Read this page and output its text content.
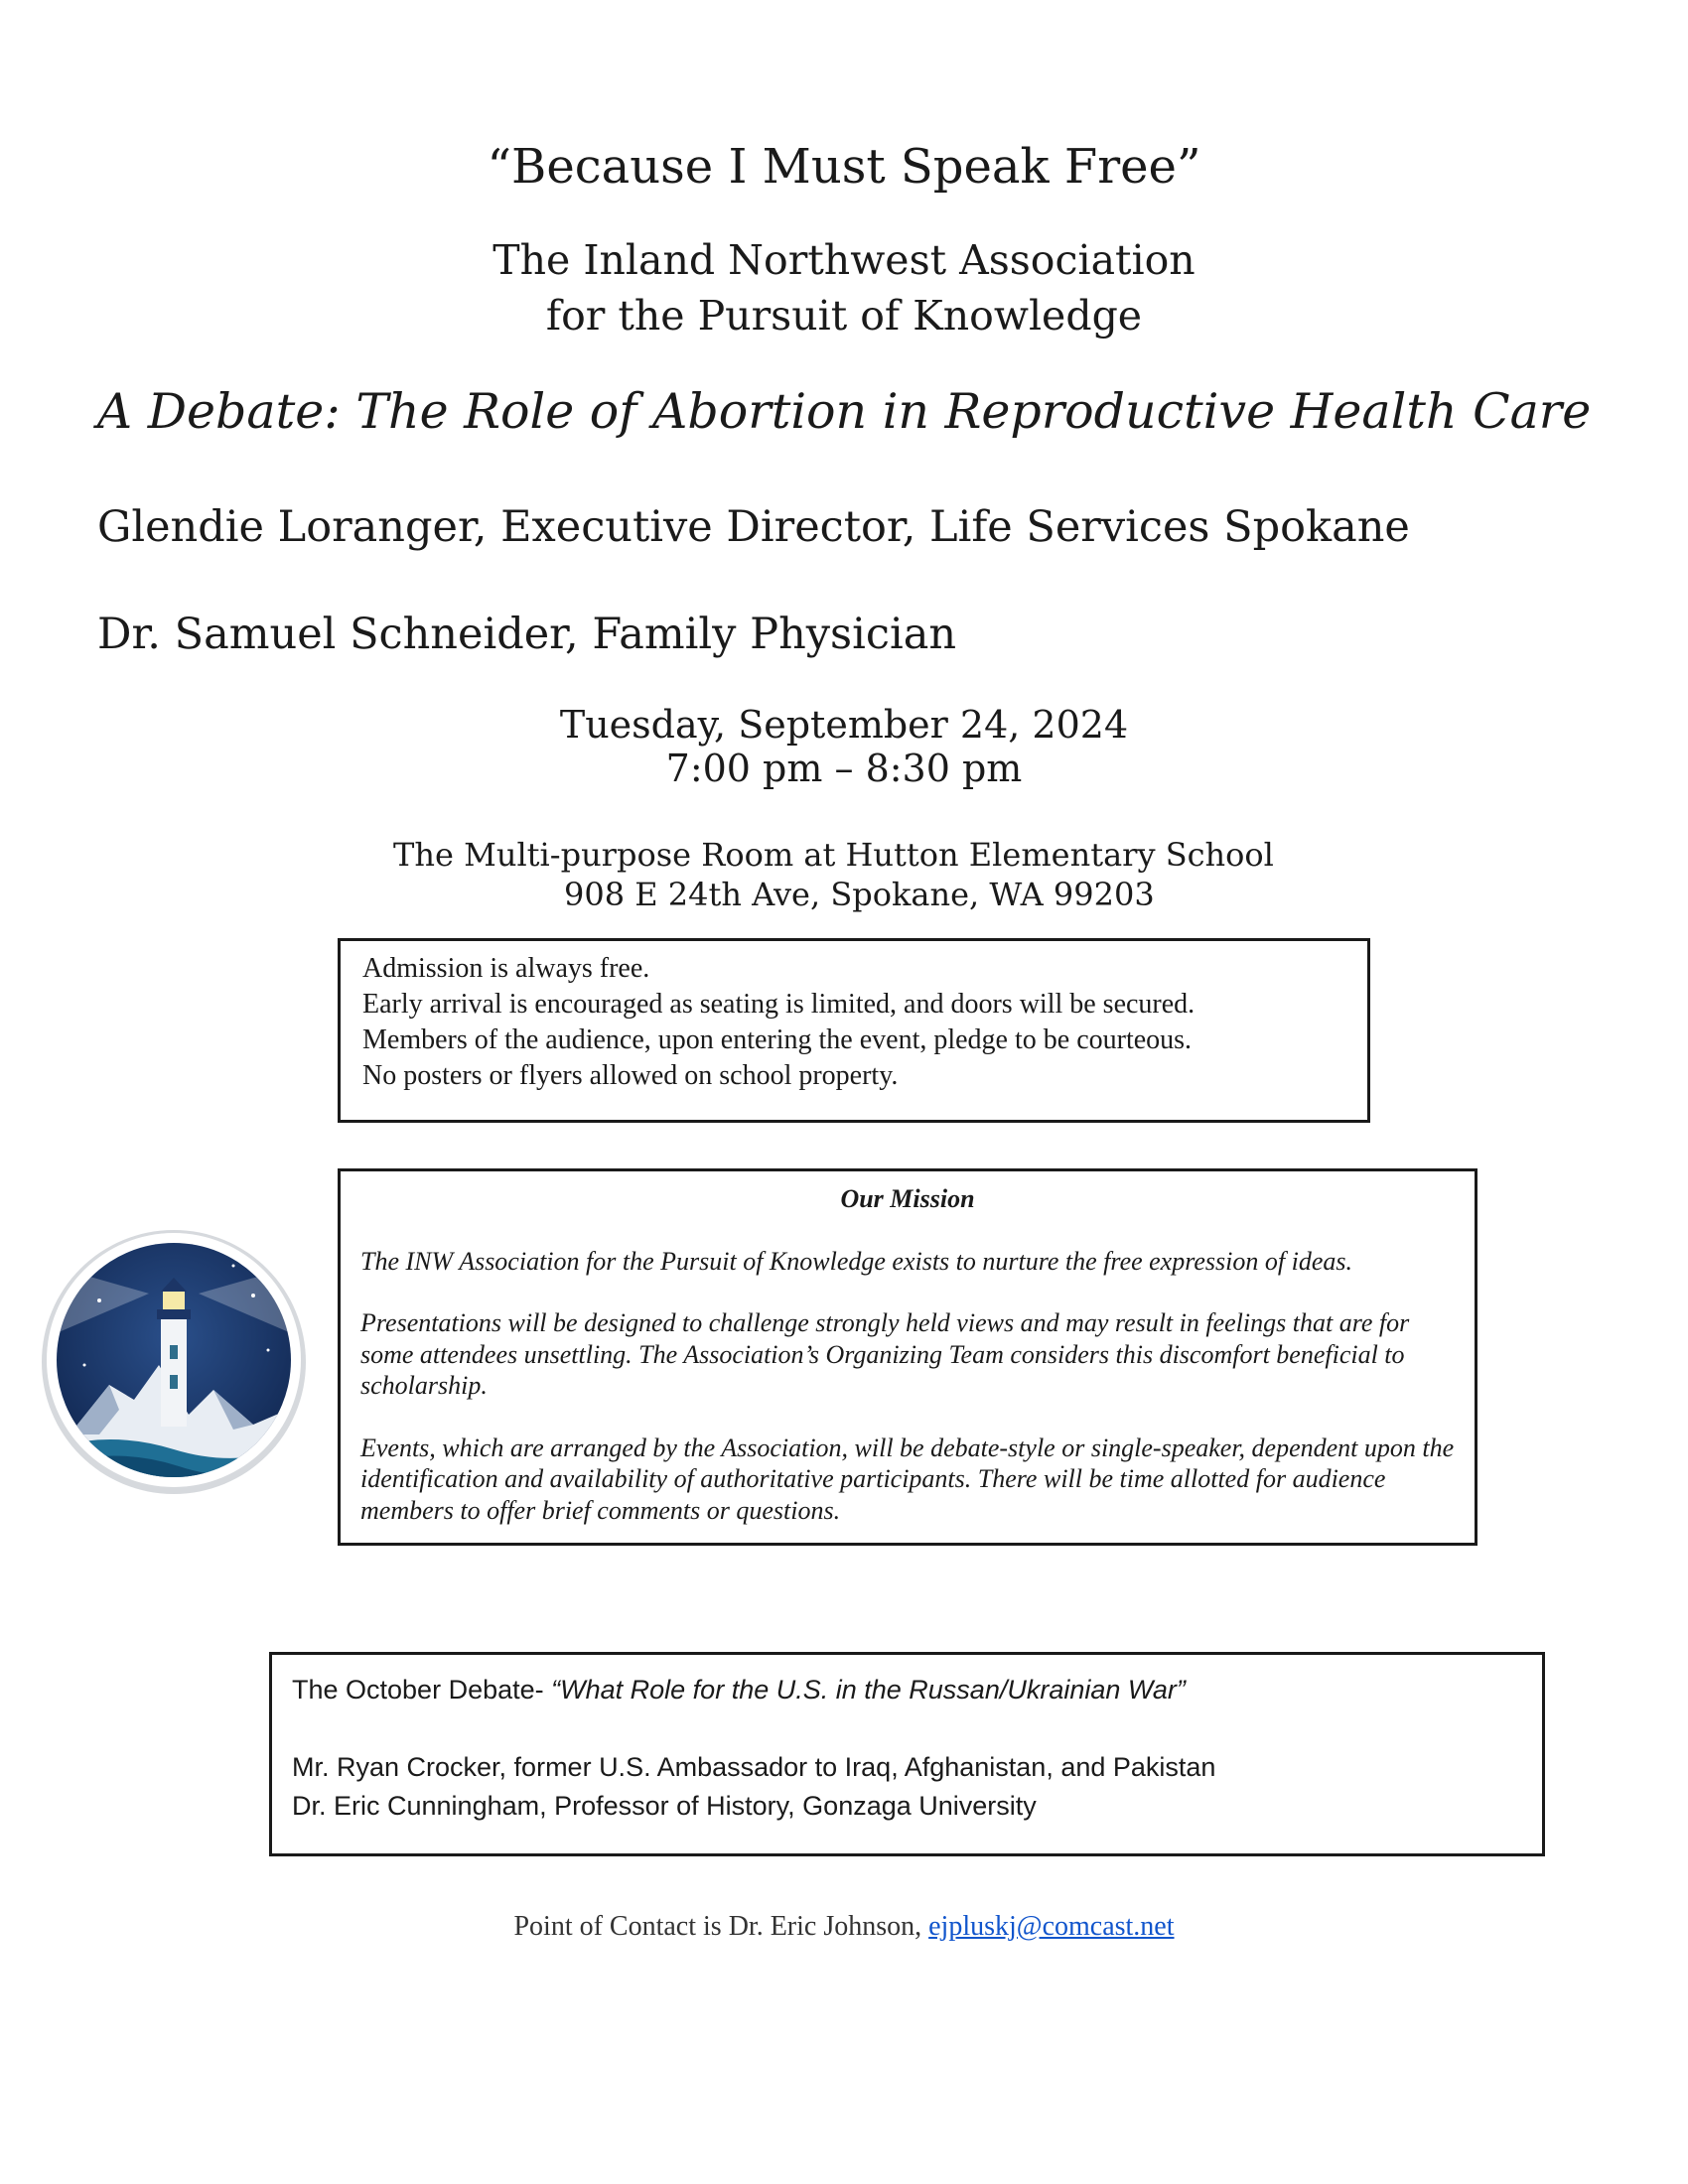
“Because I Must Speak Free”
The Inland Northwest Association
for the Pursuit of Knowledge
A Debate: The Role of Abortion in Reproductive Health Care
Glendie Loranger, Executive Director, Life Services Spokane
Dr. Samuel Schneider, Family Physician
Tuesday, September 24, 2024
7:00 pm – 8:30 pm
The Multi-purpose Room at Hutton Elementary School
908 E 24th Ave, Spokane, WA 99203
Admission is always free.
Early arrival is encouraged as seating is limited, and doors will be secured.
Members of the audience, upon entering the event, pledge to be courteous.
No posters or flyers allowed on school property.
Our Mission

The INW Association for the Pursuit of Knowledge exists to nurture the free expression of ideas.

Presentations will be designed to challenge strongly held views and may result in feelings that are for some attendees unsettling. The Association’s Organizing Team considers this discomfort beneficial to scholarship.

Events, which are arranged by the Association, will be debate-style or single-speaker, dependent upon the identification and availability of authoritative participants. There will be time allotted for audience members to offer brief comments or questions.

The October Debate- “What Role for the U.S. in the Russan/Ukrainian War”
Mr. Ryan Crocker, former U.S. Ambassador to Iraq, Afghanistan, and Pakistan
Dr. Eric Cunningham, Professor of History, Gonzaga University
Point of Contact is Dr. Eric Johnson, ejpluskj@comcast.net
